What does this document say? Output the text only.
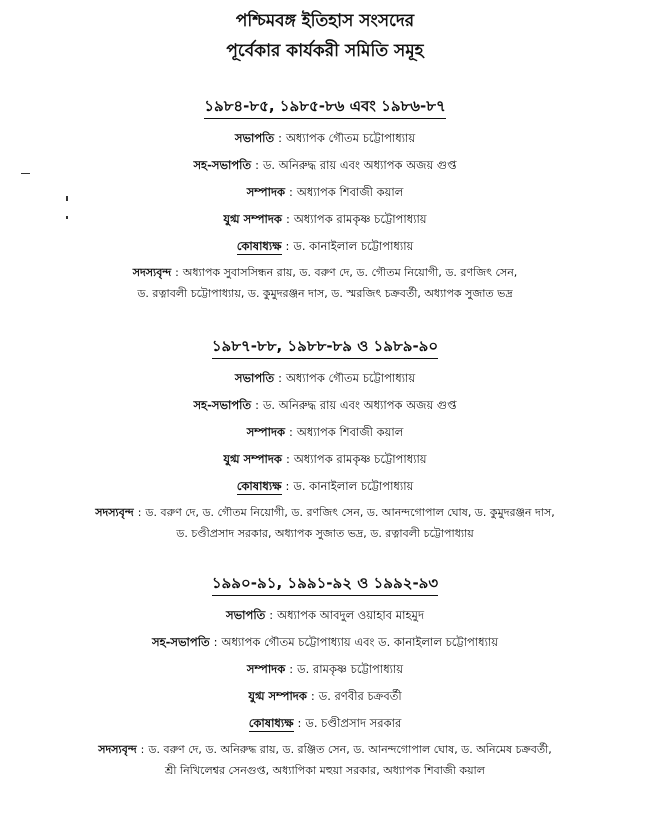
পশ্চিমবঙ্গ ইতিহাস সংসদের
পূর্বেকার কার্যকরী সমিতি সমূহ
১৯৮৪-৮৫, ১৯৮৫-৮৬ এবং ১৯৮৬-৮৭
সভাপতি : অধ্যাপক গৌতম চট্টোপাধ্যায়
সহ-সভাপতি : ড. অনিরুদ্ধ রায় এবং অধ্যাপক অজয় গুপ্ত
সম্পাদক : অধ্যাপক শিবাজী কয়াল
যুগ্ম সম্পাদক : অধ্যাপক রামকৃষ্ণ চট্টোপাধ্যায়
কোষাধ্যক্ষ : ড. কানাইলাল চট্টোপাধ্যায়
সদস্যবৃন্দ : অধ্যাপক সুবাসসিন্ধন রায়, ড. বরুণ দে, ড. গৌতম নিয়োগী, ড. রণজিৎ সেন,
ড. রত্নাবলী চট্টোপাধ্যায়, ড. কুমুদরঞ্জন দাস, ড. স্মরজিৎ চক্রবর্তী, অধ্যাপক সুজাত ভদ্র
১৯৮৭-৮৮, ১৯৮৮-৮৯ ও ১৯৮৯-৯০
সভাপতি : অধ্যাপক গৌতম চট্টোপাধ্যায়
সহ-সভাপতি : ড. অনিরুদ্ধ রায় এবং অধ্যাপক অজয় গুপ্ত
সম্পাদক : অধ্যাপক শিবাজী কয়াল
যুগ্ম সম্পাদক : অধ্যাপক রামকৃষ্ণ চট্টোপাধ্যায়
কোষাধ্যক্ষ : ড. কানাইলাল চট্টোপাধ্যায়
সদস্যবৃন্দ : ড. বরুণ দে, ড. গৌতম নিয়োগী, ড. রণজিৎ সেন, ড. আনন্দগোপাল ঘোষ, ড. কুমুদরঞ্জন দাস,
ড. চণ্ডীপ্রসাদ সরকার, অধ্যাপক সুজাত ভদ্র, ড. রত্নাবলী চট্টোপাধ্যায়
১৯৯০-৯১, ১৯৯১-৯২ ও ১৯৯২-৯৩
সভাপতি : অধ্যাপক আবদুল ওয়াহাব মাহমুদ
সহ-সভাপতি : অধ্যাপক গৌতম চট্টোপাধ্যায় এবং ড. কানাইলাল চট্টোপাধ্যায়
সম্পাদক : ড. রামকৃষ্ণ চট্টোপাধ্যায়
যুগ্ম সম্পাদক : ড. রণবীর চক্রবর্তী
কোষাধ্যক্ষ : ড. চণ্ডীপ্রসাদ সরকার
সদস্যবৃন্দ : ড. বরুণ দে, ড. অনিরুদ্ধ রায়, ড. রঞ্জিত সেন, ড. আনন্দগোপাল ঘোষ, ড. অনিমেষ চক্রবর্তী,
শ্রী নিখিলেশ্বর সেনগুপ্ত, অধ্যাপিকা মহুয়া সরকার, অধ্যাপক শিবাজী কয়াল
